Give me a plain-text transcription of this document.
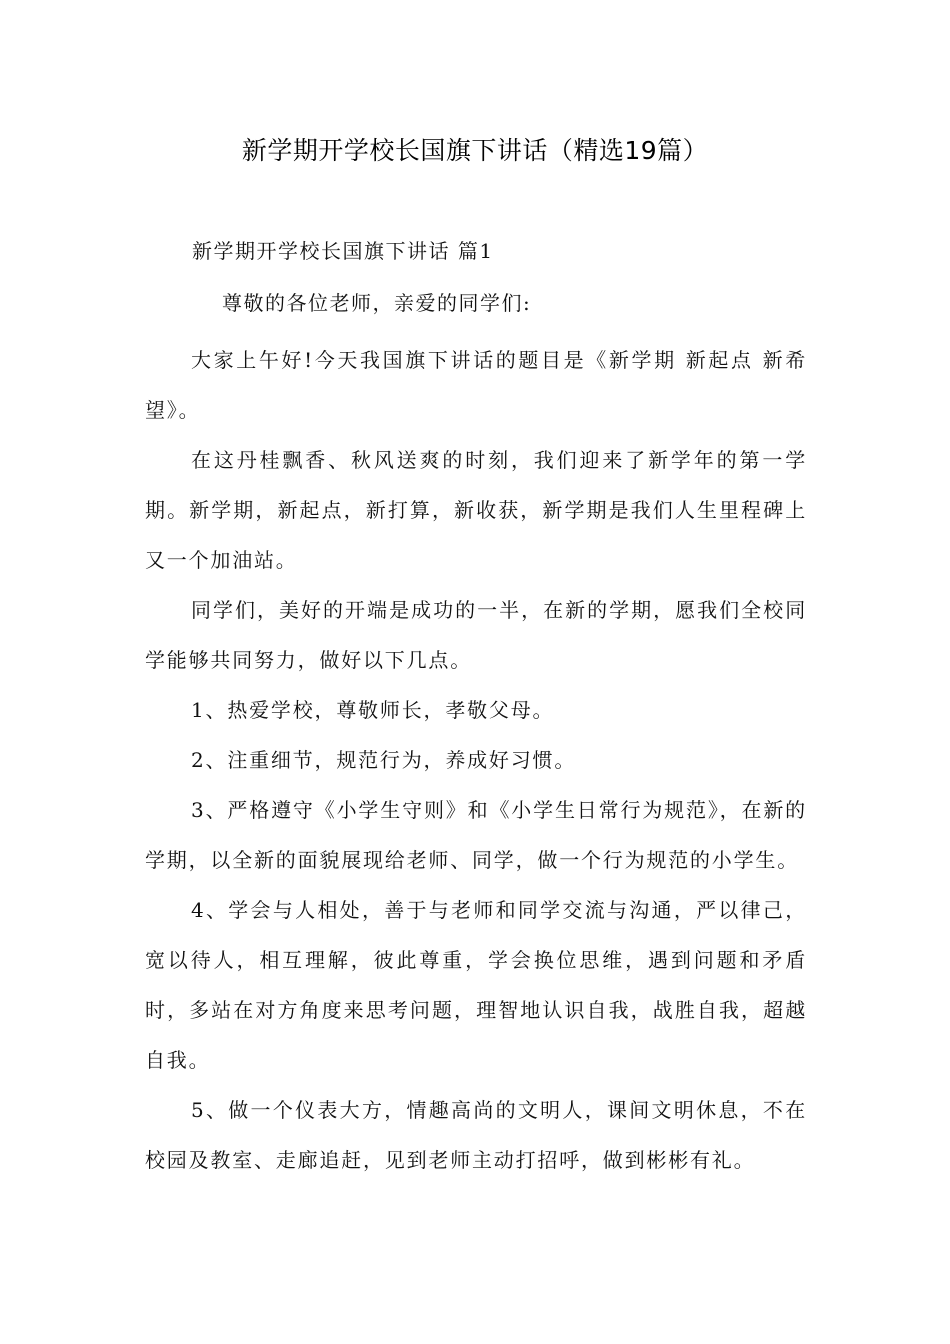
新学期开学校长国旗下讲话（精选19篇）
新学期开学校长国旗下讲话 篇1
尊敬的各位老师，亲爱的同学们:

大家上午好!今天我国旗下讲话的题目是《新学期 新起点 新希望》。

在这丹桂飘香、秋风送爽的时刻，我们迎来了新学年的第一学期。新学期，新起点，新打算，新收获，新学期是我们人生里程碑上又一个加油站。

同学们，美好的开端是成功的一半，在新的学期，愿我们全校同学能够共同努力，做好以下几点。

1、热爱学校，尊敬师长，孝敬父母。

2、注重细节，规范行为，养成好习惯。

3、严格遵守《小学生守则》和《小学生日常行为规范》，在新的学期，以全新的面貌展现给老师、同学，做一个行为规范的小学生。

4、学会与人相处，善于与老师和同学交流与沟通，严以律己，宽以待人，相互理解，彼此尊重，学会换位思维，遇到问题和矛盾时，多站在对方角度来思考问题，理智地认识自我，战胜自我，超越自我。

5、做一个仪表大方，情趣高尚的文明人，课间文明休息，不在校园及教室、走廊追赶，见到老师主动打招呼，做到彬彬有礼。
